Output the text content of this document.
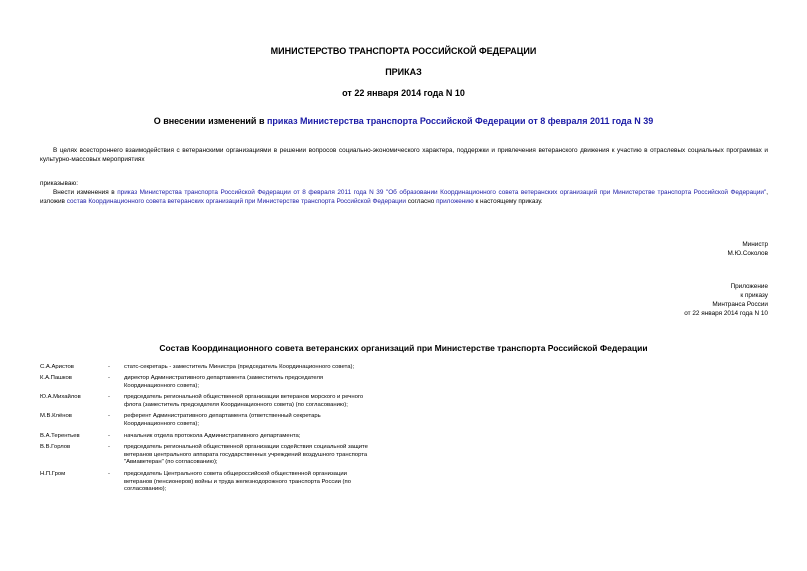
МИНИСТЕРСТВО ТРАНСПОРТА РОССИЙСКОЙ ФЕДЕРАЦИИ
ПРИКАЗ
от 22 января 2014 года N 10
О внесении изменений в приказ Министерства транспорта Российской Федерации от 8 февраля 2011 года N 39
В целях всестороннего взаимодействия с ветеранскими организациями в решении вопросов социально-экономического характера, поддержки и привлечения ветеранского движения к участию в отраслевых социальных программах и культурно-массовых мероприятиях
приказываю:
Внести изменения в приказ Министерства транспорта Российской Федерации от 8 февраля 2011 года N 39 "Об образовании Координационного совета ветеранских организаций при Министерстве транспорта Российской Федерации", изложив состав Координационного совета ветеранских организаций при Министерстве транспорта Российской Федерации согласно приложению к настоящему приказу.
Министр
М.Ю.Соколов
Приложение
к приказу
Минтранса России
от 22 января 2014 года N 10
Состав Координационного совета ветеранских организаций при Министерстве транспорта Российской Федерации
С.А.Аристов	-	статс-секретарь - заместитель Министра (председатель Координационного совета);
К.А.Пашков	-	директор Административного департамента (заместитель председателя Координационного совета);
Ю.А.Михайлов	-	председатель региональной общественной организации ветеранов морского и речного флота (заместитель председателя Координационного совета) (по согласованию);
М.В.Клёнов	-	референт Административного департамента (ответственный секретарь Координационного совета);
В.А.Терентьев	-	начальник отдела протокола Административного департамента;
В.В.Горлов	-	председатель региональной общественной организации содействия социальной защите ветеранов центрального аппарата государственных учреждений воздушного транспорта "Авиаветеран" (по согласованию);
Н.П.Гром	-	председатель Центрального совета общероссийской общественной организации ветеранов (пенсионеров) войны и труда железнодорожного транспорта России (по согласованию);
